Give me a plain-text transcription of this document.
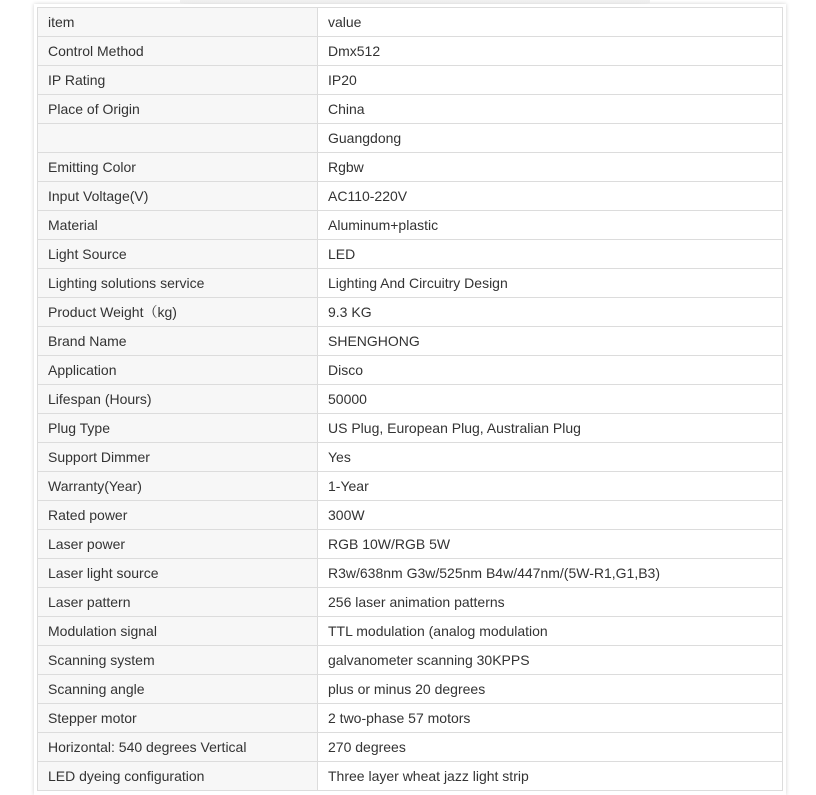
item	value
Control Method	Dmx512
IP Rating	IP20
Place of Origin	China
	Guangdong
Emitting Color	Rgbw
Input Voltage(V)	AC110-220V
Material	Aluminum+plastic
Light Source	LED
Lighting solutions service	Lighting And Circuitry Design
Product Weight（kg)	9.3 KG
Brand Name	SHENGHONG
Application	Disco
Lifespan (Hours)	50000
Plug Type	US Plug, European Plug, Australian Plug
Support Dimmer	Yes
Warranty(Year)	1-Year
Rated power	300W
Laser power	RGB 10W/RGB 5W
Laser light source	R3w/638nm G3w/525nm B4w/447nm/(5W-R1,G1,B3)
Laser pattern	256 laser animation patterns
Modulation signal	TTL modulation (analog modulation
Scanning system	galvanometer scanning 30KPPS
Scanning angle	plus or minus 20 degrees
Stepper motor	2 two-phase 57 motors
Horizontal: 540 degrees Vertical	270 degrees
LED dyeing configuration	Three layer wheat jazz light strip
